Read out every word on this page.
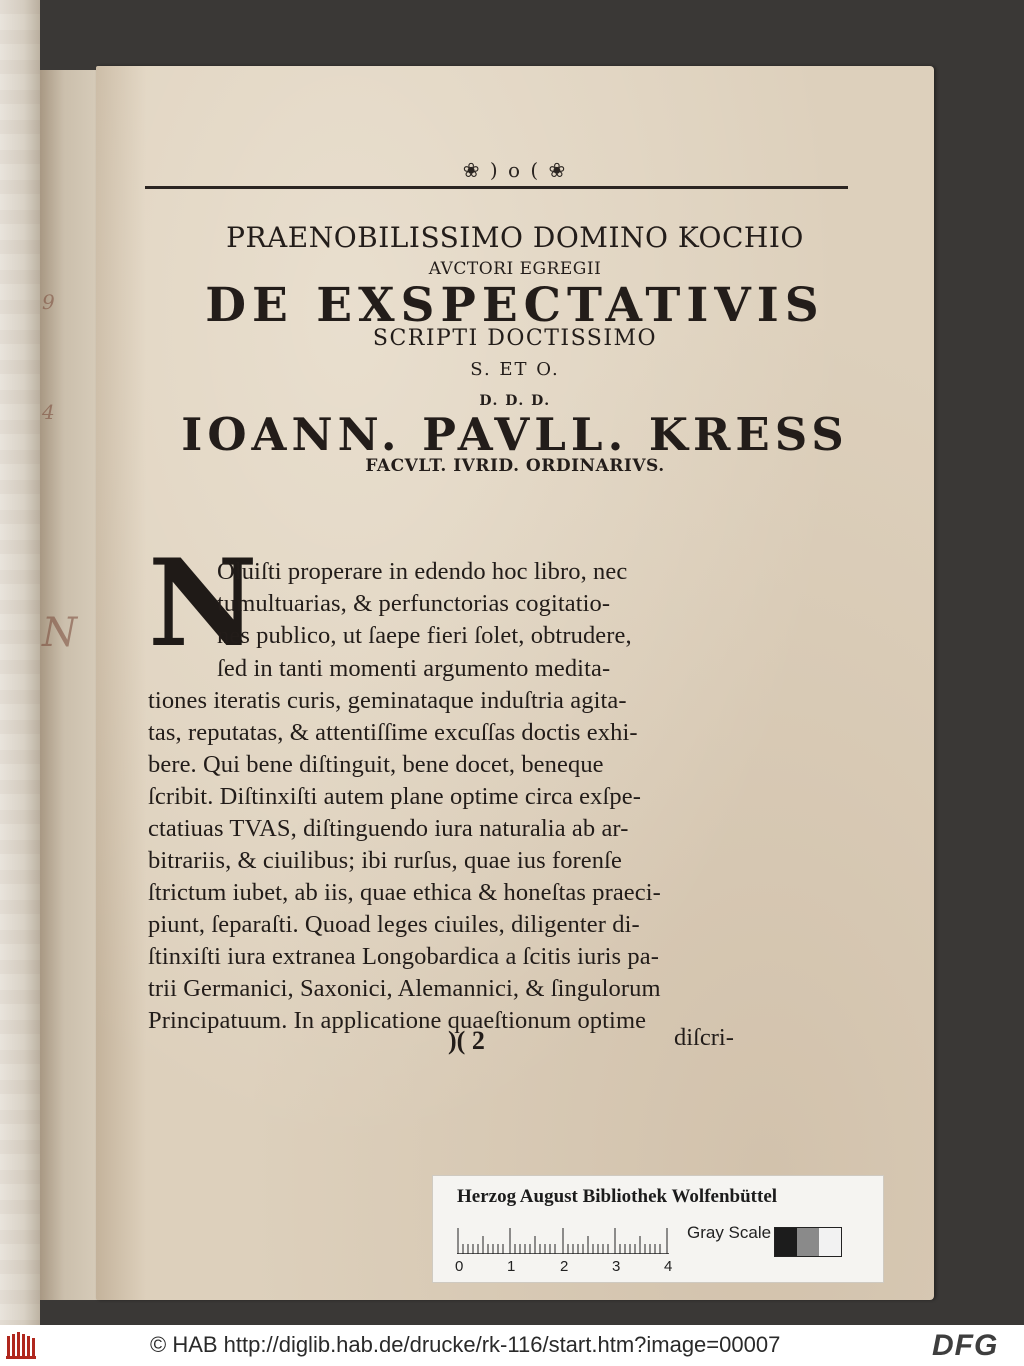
9
4
N
❀ ) o ( ❀
PRAENOBILISSIMO DOMINO KOCHIO
AVCTORI EGREGII
DE EXSPECTATIVIS
SCRIPTI DOCTISSIMO
S. ET O.
D. D. D.
IOANN. PAVLL. KRESS
FACVLT. IVRID. ORDINARIVS.
N
Oluiſti properare in edendo hoc libro, nec
tumultuarias, & perfunctorias cogitatio-
nes publico, ut ſaepe fieri ſolet, obtrudere,
ſed in tanti momenti argumento medita-
tiones iteratis curis, geminataque induſtria agita-
tas, reputatas, & attentiſſime excuſſas doctis exhi-
bere. Qui bene diſtinguit, bene docet, beneque
ſcribit. Diſtinxiſti autem plane optime circa exſpe-
ctatiuas TVAS, diſtinguendo iura naturalia ab ar-
bitrariis, & ciuilibus; ibi rurſus, quae ius forenſe
ſtrictum iubet, ab iis, quae ethica & honeſtas praeci-
piunt, ſeparaſti. Quoad leges ciuiles, diligenter di-
ſtinxiſti iura extranea Longobardica a ſcitis iuris pa-
trii Germanici, Saxonici, Alemannici, & ſingulorum
Principatuum. In applicatione quaeſtionum optime
)( 2	diſcri-
Herzog August Bibliothek Wolfenbüttel
0	1	2	3	4
Gray Scale
© HAB http://diglib.hab.de/drucke/rk-116/start.htm?image=00007	DFG
